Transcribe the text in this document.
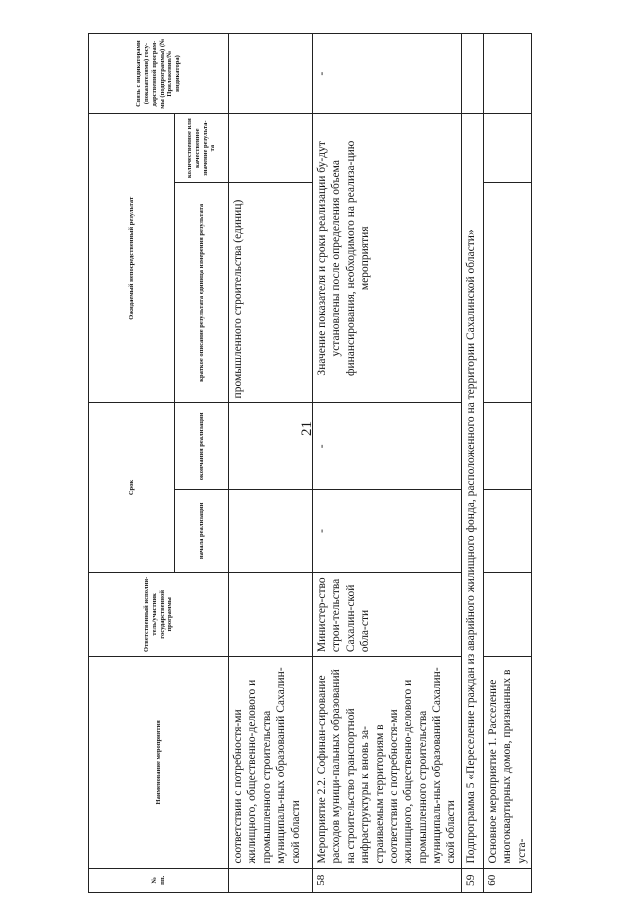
21
№ пп.	Наименование мероприятия	Ответственный исполни-тель/участник государственной программы	Срок		Ожидаемый непосредственный результат		Связь с индикаторами (показателями) госу-дарственной програм-мы (подпрограммы) (№ Приложения/№ индикатора)
			начала реализации	окончания реализации	краткое описание результата единица измерения результата	количественное или качественное значение результа-та	
	соответствии с потребностя-ми жилищного, общественно-делового и промышленного строительства муниципаль-ных образований Сахалин-ской области				промышленного строительства (единиц)		
58	Мероприятие 2.2. Софинан-сирование расходов муници-пальных образований на строительство транспортной инфраструктуры к вновь за-страиваемым территориям в соответствии с потребностя-ми жилищного, общественно-делового и промышленного строительства муниципаль-ных образований Сахалин-ской области	Министер-ство строи-тельства Сахалин-ской обла-сти	-	-	Значение показателя и сроки реализации бу-дут установлены после определения объема финансирования, необходимого на реализа-цию мероприятия		-
59	Подпрограмма 5 «Переселение граждан из аварийного жилищного фонда, расположенного на территории Сахалинской области»						
60	Основное мероприятие 1. Расселение многоквартирных домов, признанных в уста-						
